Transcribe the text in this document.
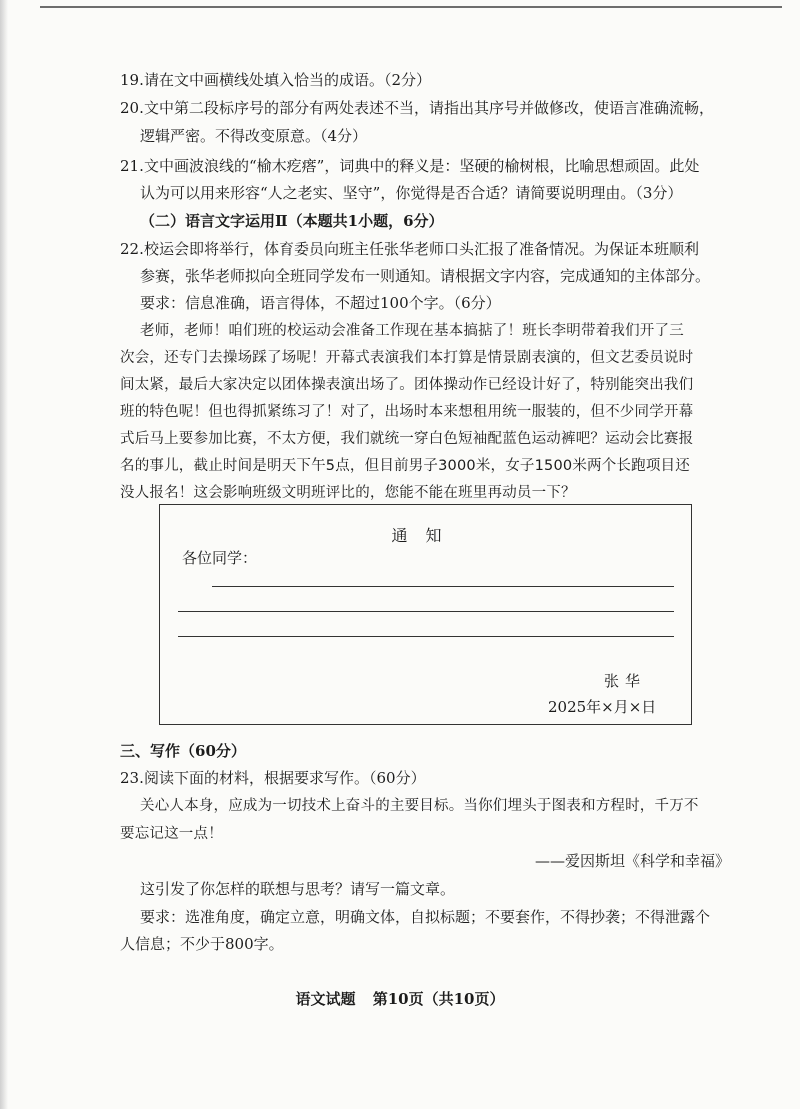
19.请在文中画横线处填入恰当的成语。（2分）
20.文中第二段标序号的部分有两处表述不当，请指出其序号并做修改，使语言准确流畅，
逻辑严密。不得改变原意。（4分）
21.文中画波浪线的“榆木疙瘩”，词典中的释义是：坚硬的榆树根，比喻思想顽固。此处
认为可以用来形容“人之老实、坚守”，你觉得是否合适？请简要说明理由。（3分）
（二）语言文字运用Ⅱ（本题共1小题，6分）
22.校运会即将举行，体育委员向班主任张华老师口头汇报了准备情况。为保证本班顺利
参赛，张华老师拟向全班同学发布一则通知。请根据文字内容，完成通知的主体部分。
要求：信息准确，语言得体，不超过100个字。（6分）
老师，老师！咱们班的校运动会准备工作现在基本搞掂了！班长李明带着我们开了三
次会，还专门去操场踩了场呢！开幕式表演我们本打算是情景剧表演的，但文艺委员说时
间太紧，最后大家决定以团体操表演出场了。团体操动作已经设计好了，特别能突出我们
班的特色呢！但也得抓紧练习了！对了，出场时本来想租用统一服装的，但不少同学开幕
式后马上要参加比赛，不太方便，我们就统一穿白色短袖配蓝色运动裤吧？运动会比赛报
名的事儿，截止时间是明天下午5点，但目前男子3000米，女子1500米两个长跑项目还
没人报名！这会影响班级文明班评比的，您能不能在班里再动员一下？
通知
各位同学：
张华
2025年×月×日
三、写作（60分）
23.阅读下面的材料，根据要求写作。（60分）
关心人本身，应成为一切技术上奋斗的主要目标。当你们埋头于图表和方程时，千万不
要忘记这一点！
——爱因斯坦《科学和幸福》
这引发了你怎样的联想与思考？请写一篇文章。
要求：选准角度，确定立意，明确文体，自拟标题；不要套作，不得抄袭；不得泄露个
人信息；不少于800字。
语文试题 第10页（共10页）
